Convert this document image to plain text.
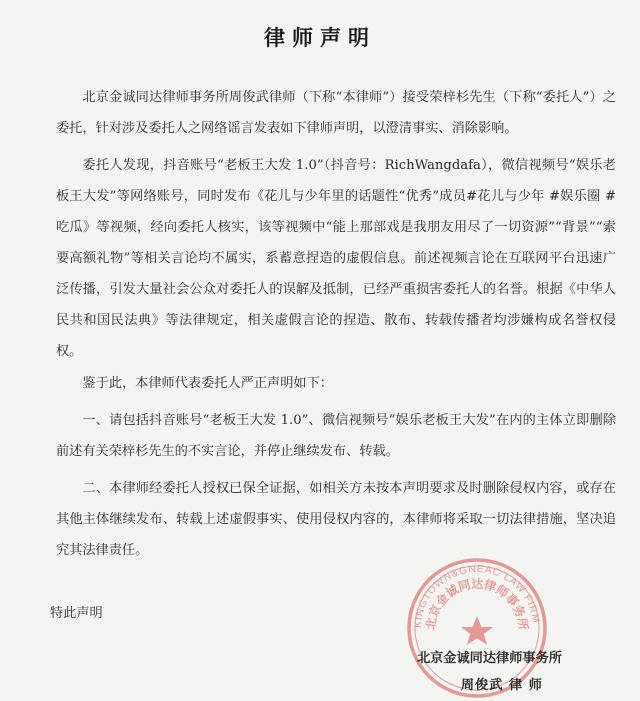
律师声明
北京金诚同达律师事务所周俊武律师（下称“本律师”）接受荣梓杉先生（下称“委托人”）之委托，针对涉及委托人之网络谣言发表如下律师声明，以澄清事实、消除影响。
委托人发现，抖音账号“老板王大发 1.0”（抖音号：RichWangdafa），微信视频号“娱乐老板王大发”等网络账号，同时发布《花儿与少年里的话题性“优秀”成员#花儿与少年 #娱乐圈 #吃瓜》等视频，经向委托人核实，该等视频中“能上那部戏是我朋友用尽了一切资源”“背景”“索要高额礼物”等相关言论均不属实，系蓄意捏造的虚假信息。前述视频言论在互联网平台迅速广泛传播，引发大量社会公众对委托人的误解及抵制，已经严重损害委托人的名誉。根据《中华人民共和国民法典》等法律规定，相关虚假言论的捏造、散布、转载传播者均涉嫌构成名誉权侵权。
鉴于此，本律师代表委托人严正声明如下：
一、请包括抖音账号“老板王大发 1.0”、微信视频号“娱乐老板王大发”在内的主体立即删除前述有关荣梓杉先生的不实言论，并停止继续发布、转载。
二、本律师经委托人授权已保全证据，如相关方未按本声明要求及时删除侵权内容，或存在其他主体继续发布、转载上述虚假事实、使用侵权内容的，本律师将采取一切法律措施，坚决追究其法律责任。
特此声明
KINGTOWN&GNEAC LAW FIRM
北京金诚同达律师事务所
北京金诚同达律师事务所
周俊武 律 师
